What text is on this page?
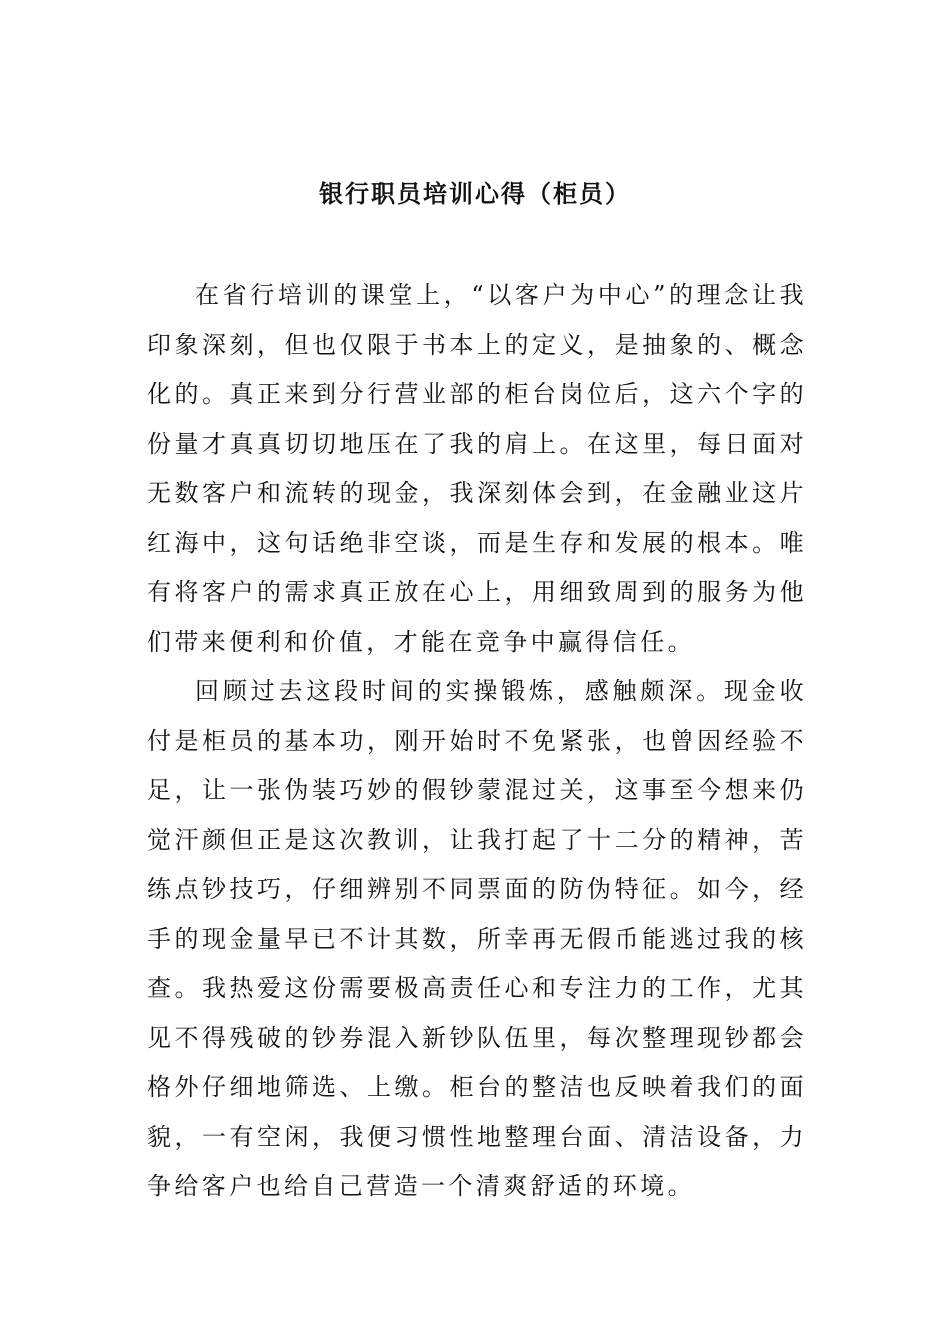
银行职员培训心得（柜员）

在省行培训的课堂上，“以客户为中心”的理念让我印象深刻，但也仅限于书本上的定义，是抽象的、概念化的。真正来到分行营业部的柜台岗位后，这六个字的份量才真真切切地压在了我的肩上。在这里，每日面对无数客户和流转的现金，我深刻体会到，在金融业这片红海中，这句话绝非空谈，而是生存和发展的根本。唯有将客户的需求真正放在心上，用细致周到的服务为他们带来便利和价值，才能在竞争中赢得信任。

回顾过去这段时间的实操锻炼，感触颇深。现金收付是柜员的基本功，刚开始时不免紧张，也曾因经验不足，让一张伪装巧妙的假钞蒙混过关，这事至今想来仍觉汗颜但正是这次教训，让我打起了十二分的精神，苦练点钞技巧，仔细辨别不同票面的防伪特征。如今，经手的现金量早已不计其数，所幸再无假币能逃过我的核查。我热爱这份需要极高责任心和专注力的工作，尤其见不得残破的钞券混入新钞队伍里，每次整理现钞都会格外仔细地筛选、上缴。柜台的整洁也反映着我们的面貌，一有空闲，我便习惯性地整理台面、清洁设备，力争给客户也给自己营造一个清爽舒适的环境。
